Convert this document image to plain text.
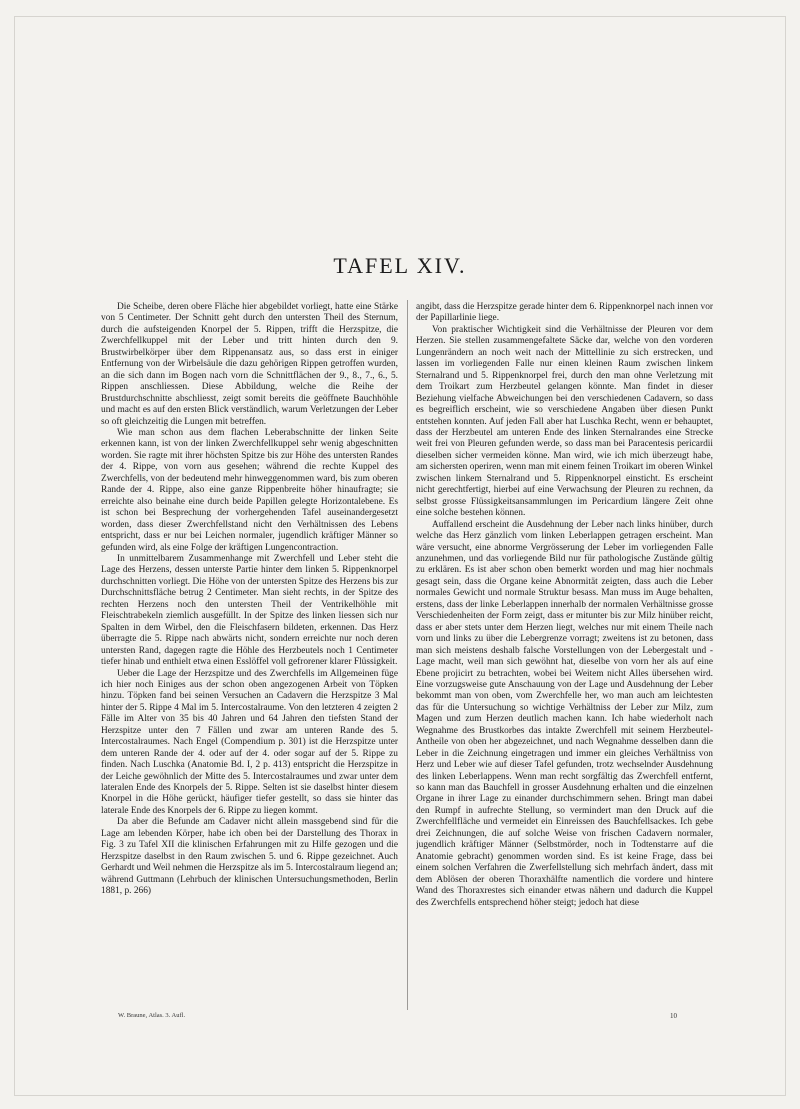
TAFEL XIV.

Die Scheibe, deren obere Fläche hier abgebildet vorliegt, hatte eine Stärke von 5 Centimeter. Der Schnitt geht durch den untersten Theil des Sternum, durch die aufsteigenden Knorpel der 5. Rippen, trifft die Herzspitze, die Zwerchfellkuppel mit der Leber und tritt hinten durch den 9. Brustwirbelkörper über dem Rippenansatz aus, so dass erst in einiger Entfernung von der Wirbelsäule die dazu gehörigen Rippen getroffen wurden, an die sich dann im Bogen nach vorn die Schnittflächen der 9., 8., 7., 6., 5. Rippen anschliessen. Diese Abbildung, welche die Reihe der Brustdurchschnitte abschliesst, zeigt somit bereits die geöffnete Bauchhöhle und macht es auf den ersten Blick verständlich, warum Verletzungen der Leber so oft gleichzeitig die Lungen mit betreffen.

Wie man schon aus dem flachen Leberabschnitte der linken Seite erkennen kann, ist von der linken Zwerchfellkuppel sehr wenig abgeschnitten worden. Sie ragte mit ihrer höchsten Spitze bis zur Höhe des untersten Randes der 4. Rippe, von vorn aus gesehen; während die rechte Kuppel des Zwerchfells, von der bedeutend mehr hinweggenommen ward, bis zum oberen Rande der 4. Rippe, also eine ganze Rippenbreite höher hinaufragte; sie erreichte also beinahe eine durch beide Papillen gelegte Horizontalebene. Es ist schon bei Besprechung der vorhergehenden Tafel auseinandergesetzt worden, dass dieser Zwerchfellstand nicht den Verhältnissen des Lebens entspricht, dass er nur bei Leichen normaler, jugendlich kräftiger Männer so gefunden wird, als eine Folge der kräftigen Lungencontraction.

In unmittelbarem Zusammenhange mit Zwerchfell und Leber steht die Lage des Herzens, dessen unterste Partie hinter dem linken 5. Rippenknorpel durchschnitten vorliegt. Die Höhe von der untersten Spitze des Herzens bis zur Durchschnittsfläche betrug 2 Centimeter. Man sieht rechts, in der Spitze des rechten Herzens noch den untersten Theil der Ventrikelhöhle mit Fleischtrabekeln ziemlich ausgefüllt. In der Spitze des linken liessen sich nur Spalten in dem Wirbel, den die Fleischfasern bildeten, erkennen. Das Herz überragte die 5. Rippe nach abwärts nicht, sondern erreichte nur noch deren untersten Rand, dagegen ragte die Höhle des Herzbeutels noch 1 Centimeter tiefer hinab und enthielt etwa einen Esslöffel voll gefrorener klarer Flüssigkeit.

Ueber die Lage der Herzspitze und des Zwerchfells im Allgemeinen füge ich hier noch Einiges aus der schon oben angezogenen Arbeit von Töpken hinzu. Töpken fand bei seinen Versuchen an Cadavern die Herzspitze 3 Mal hinter der 5. Rippe 4 Mal im 5. Intercostalraume. Von den letzteren 4 zeigten 2 Fälle im Alter von 35 bis 40 Jahren und 64 Jahren den tiefsten Stand der Herzspitze unter den 7 Fällen und zwar am unteren Rande des 5. Intercostalraumes. Nach Engel (Compendium p. 301) ist die Herzspitze unter dem unteren Rande der 4. oder auf der 4. oder sogar auf der 5. Rippe zu finden. Nach Luschka (Anatomie Bd. I, 2 p. 413) entspricht die Herzspitze in der Leiche gewöhnlich der Mitte des 5. Intercostalraumes und zwar unter dem lateralen Ende des Knorpels der 5. Rippe. Selten ist sie daselbst hinter diesem Knorpel in die Höhe gerückt, häufiger tiefer gestellt, so dass sie hinter das laterale Ende des Knorpels der 6. Rippe zu liegen kommt.

Da aber die Befunde am Cadaver nicht allein massgebend sind für die Lage am lebenden Körper, habe ich oben bei der Darstellung des Thorax in Fig. 3 zu Tafel XII die klinischen Erfahrungen mit zu Hilfe gezogen und die Herzspitze daselbst in den Raum zwischen 5. und 6. Rippe gezeichnet. Auch Gerhardt und Weil nehmen die Herzspitze als im 5. Intercostalraum liegend an; während Guttmann (Lehrbuch der klinischen Untersuchungsmethoden, Berlin 1881, p. 266)

angibt, dass die Herzspitze gerade hinter dem 6. Rippenknorpel nach innen vor der Papillarlinie liege.

Von praktischer Wichtigkeit sind die Verhältnisse der Pleuren vor dem Herzen. Sie stellen zusammengefaltete Säcke dar, welche von den vorderen Lungenrändern an noch weit nach der Mittellinie zu sich erstrecken, und lassen im vorliegenden Falle nur einen kleinen Raum zwischen linkem Sternalrand und 5. Rippenknorpel frei, durch den man ohne Verletzung mit dem Troikart zum Herzbeutel gelangen könnte. Man findet in dieser Beziehung vielfache Abweichungen bei den verschiedenen Cadavern, so dass es begreiflich erscheint, wie so verschiedene Angaben über diesen Punkt entstehen konnten. Auf jeden Fall aber hat Luschka Recht, wenn er behauptet, dass der Herzbeutel am unteren Ende des linken Sternalrandes eine Strecke weit frei von Pleuren gefunden werde, so dass man bei Paracentesis pericardii dieselben sicher vermeiden könne. Man wird, wie ich mich überzeugt habe, am sichersten operiren, wenn man mit einem feinen Troikart im oberen Winkel zwischen linkem Sternalrand und 5. Rippenknorpel einsticht. Es erscheint nicht gerechtfertigt, hierbei auf eine Verwachsung der Pleuren zu rechnen, da selbst grosse Flüssigkeitsansammlungen im Pericardium längere Zeit ohne eine solche bestehen können.

Auffallend erscheint die Ausdehnung der Leber nach links hinüber, durch welche das Herz gänzlich vom linken Leberlappen getragen erscheint. Man wäre versucht, eine abnorme Vergrösserung der Leber im vorliegenden Falle anzunehmen, und das vorliegende Bild nur für pathologische Zustände gültig zu erklären. Es ist aber schon oben bemerkt worden und mag hier nochmals gesagt sein, dass die Organe keine Abnormität zeigten, dass auch die Leber normales Gewicht und normale Struktur besass. Man muss im Auge behalten, erstens, dass der linke Leberlappen innerhalb der normalen Verhältnisse grosse Verschiedenheiten der Form zeigt, dass er mitunter bis zur Milz hinüber reicht, dass er aber stets unter dem Herzen liegt, welches nur mit einem Theile nach vorn und links zu über die Lebergrenze vorragt; zweitens ist zu betonen, dass man sich meistens deshalb falsche Vorstellungen von der Lebergestalt und -Lage macht, weil man sich gewöhnt hat, dieselbe von vorn her als auf eine Ebene projicirt zu betrachten, wobei bei Weitem nicht Alles übersehen wird. Eine vorzugsweise gute Anschauung von der Lage und Ausdehnung der Leber bekommt man von oben, vom Zwerchfelle her, wo man auch am leichtesten das für die Untersuchung so wichtige Verhältniss der Leber zur Milz, zum Magen und zum Herzen deutlich machen kann. Ich habe wiederholt nach Wegnahme des Brustkorbes das intakte Zwerchfell mit seinem Herzbeutel-Antheile von oben her abgezeichnet, und nach Wegnahme desselben dann die Leber in die Zeichnung eingetragen und immer ein gleiches Verhältniss von Herz und Leber wie auf dieser Tafel gefunden, trotz wechselnder Ausdehnung des linken Leberlappens. Wenn man recht sorgfältig das Zwerchfell entfernt, so kann man das Bauchfell in grosser Ausdehnung erhalten und die einzelnen Organe in ihrer Lage zu einander durchschimmern sehen. Bringt man dabei den Rumpf in aufrechte Stellung, so vermindert man den Druck auf die Zwerchfellfläche und vermeidet ein Einreissen des Bauchfellsackes. Ich gebe drei Zeichnungen, die auf solche Weise von frischen Cadavern normaler, jugendlich kräftiger Männer (Selbstmörder, noch in Todtenstarre auf die Anatomie gebracht) genommen worden sind. Es ist keine Frage, dass bei einem solchen Verfahren die Zwerfellstellung sich mehrfach ändert, dass mit dem Ablösen der oberen Thoraxhälfte namentlich die vordere und hintere Wand des Thoraxrestes sich einander etwas nähern und dadurch die Kuppel des Zwerchfells entsprechend höher steigt; jedoch hat diese

W. Braune, Atlas. 3. Aufl.	10
